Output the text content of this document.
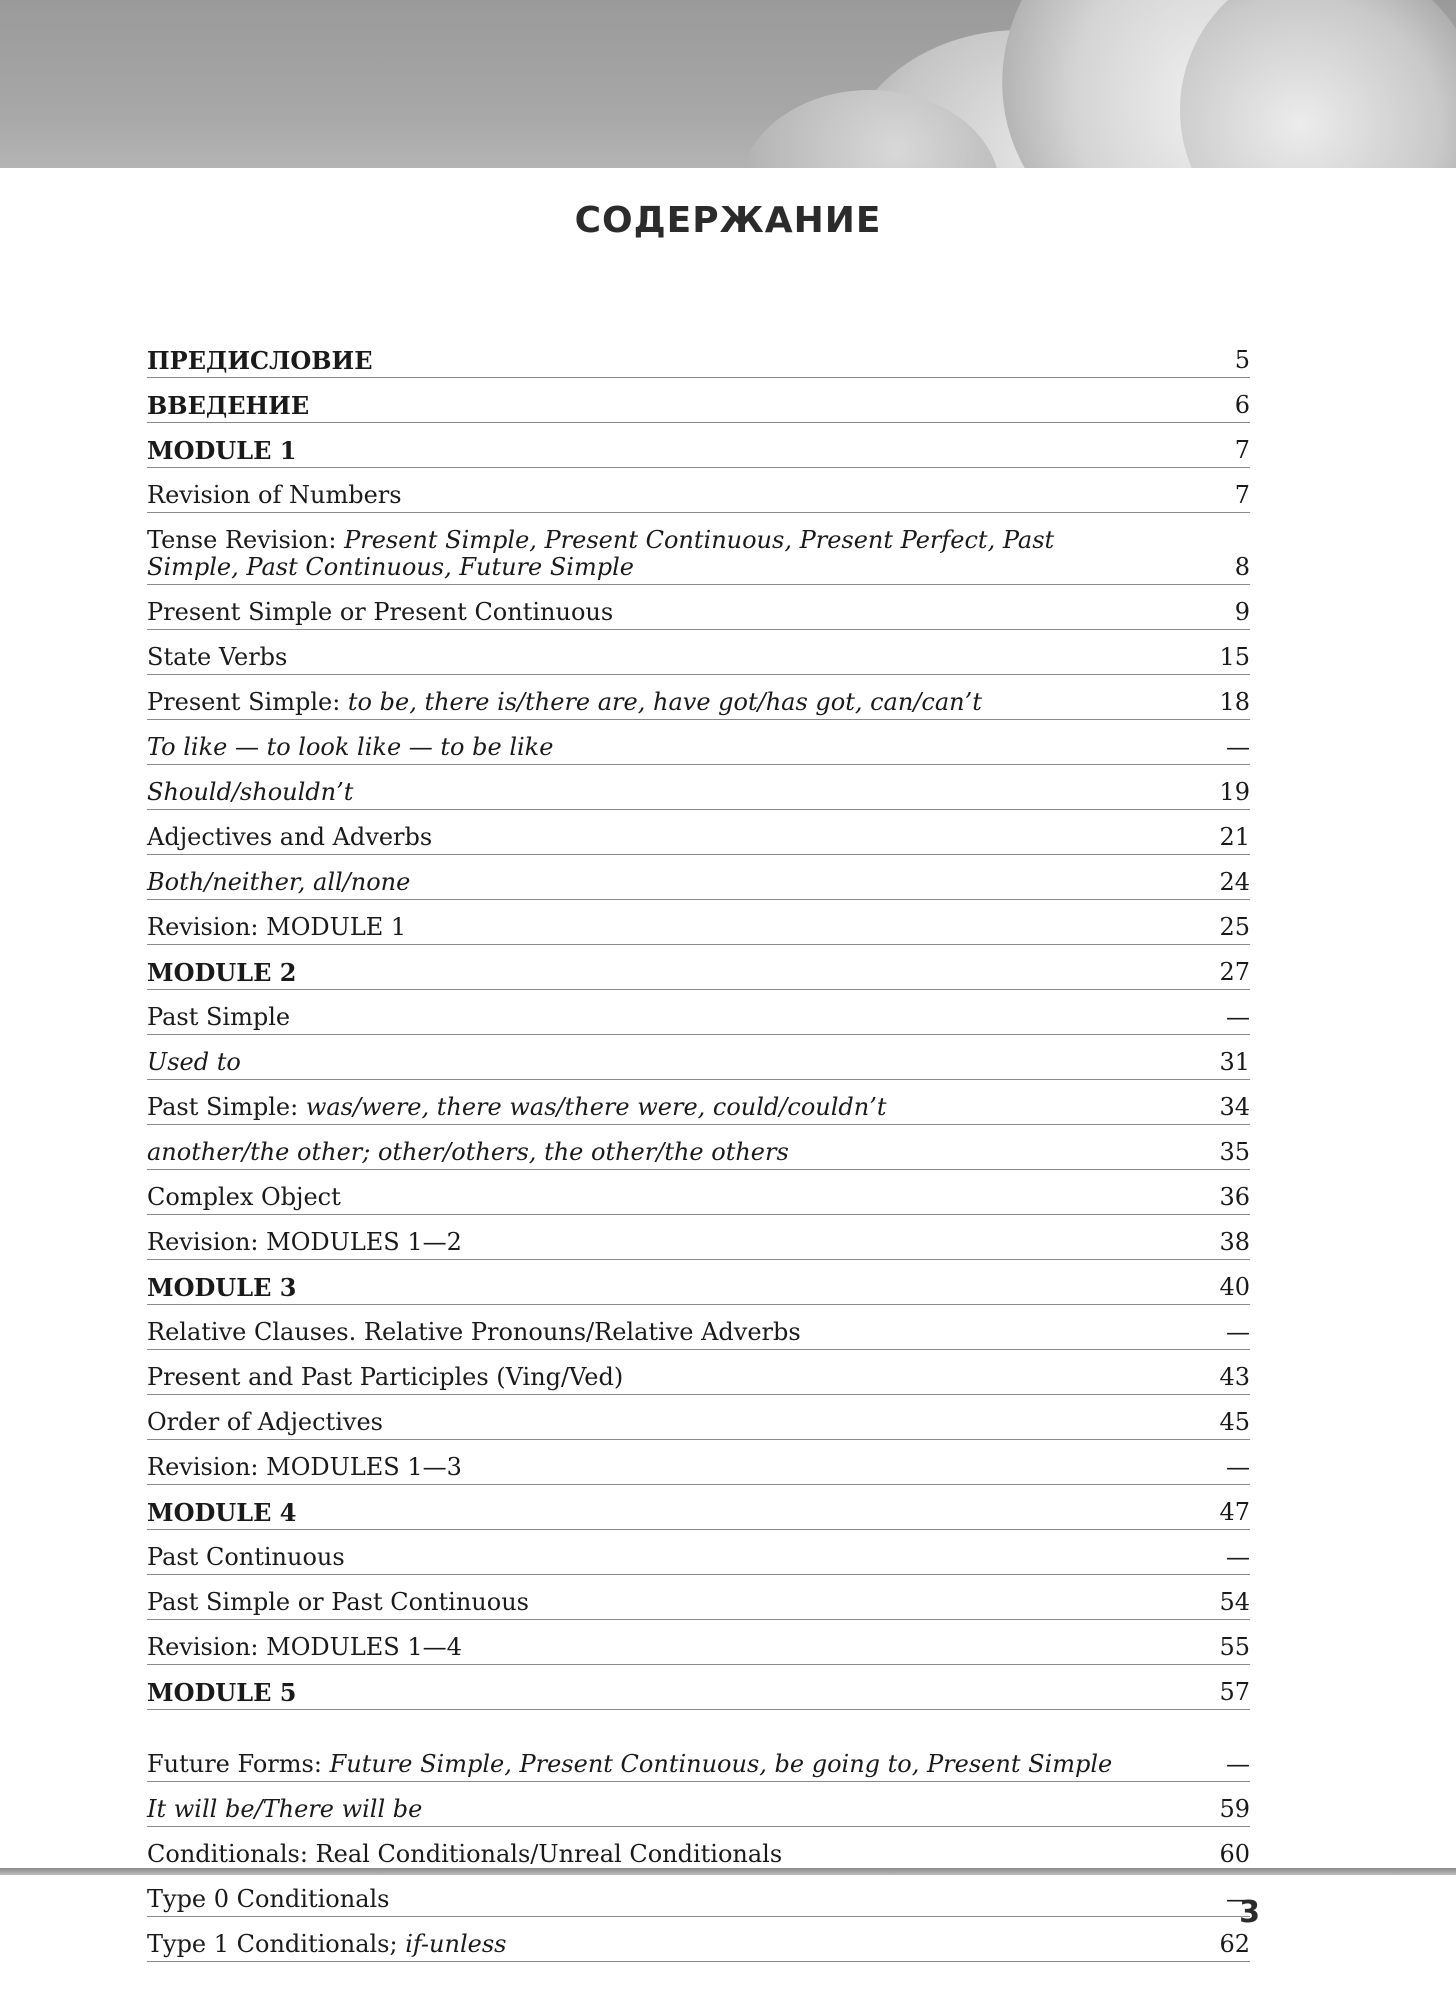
СОДЕРЖАНИЕ
ПРЕДИСЛОВИЕ	5
ВВЕДЕНИЕ	6
MODULE 1	7
Revision of Numbers	7
Tense Revision: Present Simple, Present Continuous, Present Perfect, Past Simple, Past Continuous, Future Simple	8
Present Simple or Present Continuous	9
State Verbs	15
Present Simple: to be, there is/there are, have got/has got, can/can’t	18
To like — to look like — to be like	—
Should/shouldn’t	19
Adjectives and Adverbs	21
Both/neither, all/none	24
Revision: MODULE 1	25
MODULE 2	27
Past Simple	—
Used to	31
Past Simple: was/were, there was/there were, could/couldn’t	34
another/the other; other/others, the other/the others	35
Complex Object	36
Revision: MODULES 1—2	38
MODULE 3	40
Relative Clauses. Relative Pronouns/Relative Adverbs	—
Present and Past Participles (Ving/Ved)	43
Order of Adjectives	45
Revision: MODULES 1—3	—
MODULE 4	47
Past Continuous	—
Past Simple or Past Continuous	54
Revision: MODULES 1—4	55
MODULE 5	57
Future Forms: Future Simple, Present Continuous, be going to, Present Simple	—
It will be/There will be	59
Conditionals: Real Conditionals/Unreal Conditionals	60
Type 0 Conditionals	—
Type 1 Conditionals; if-unless	62
3
